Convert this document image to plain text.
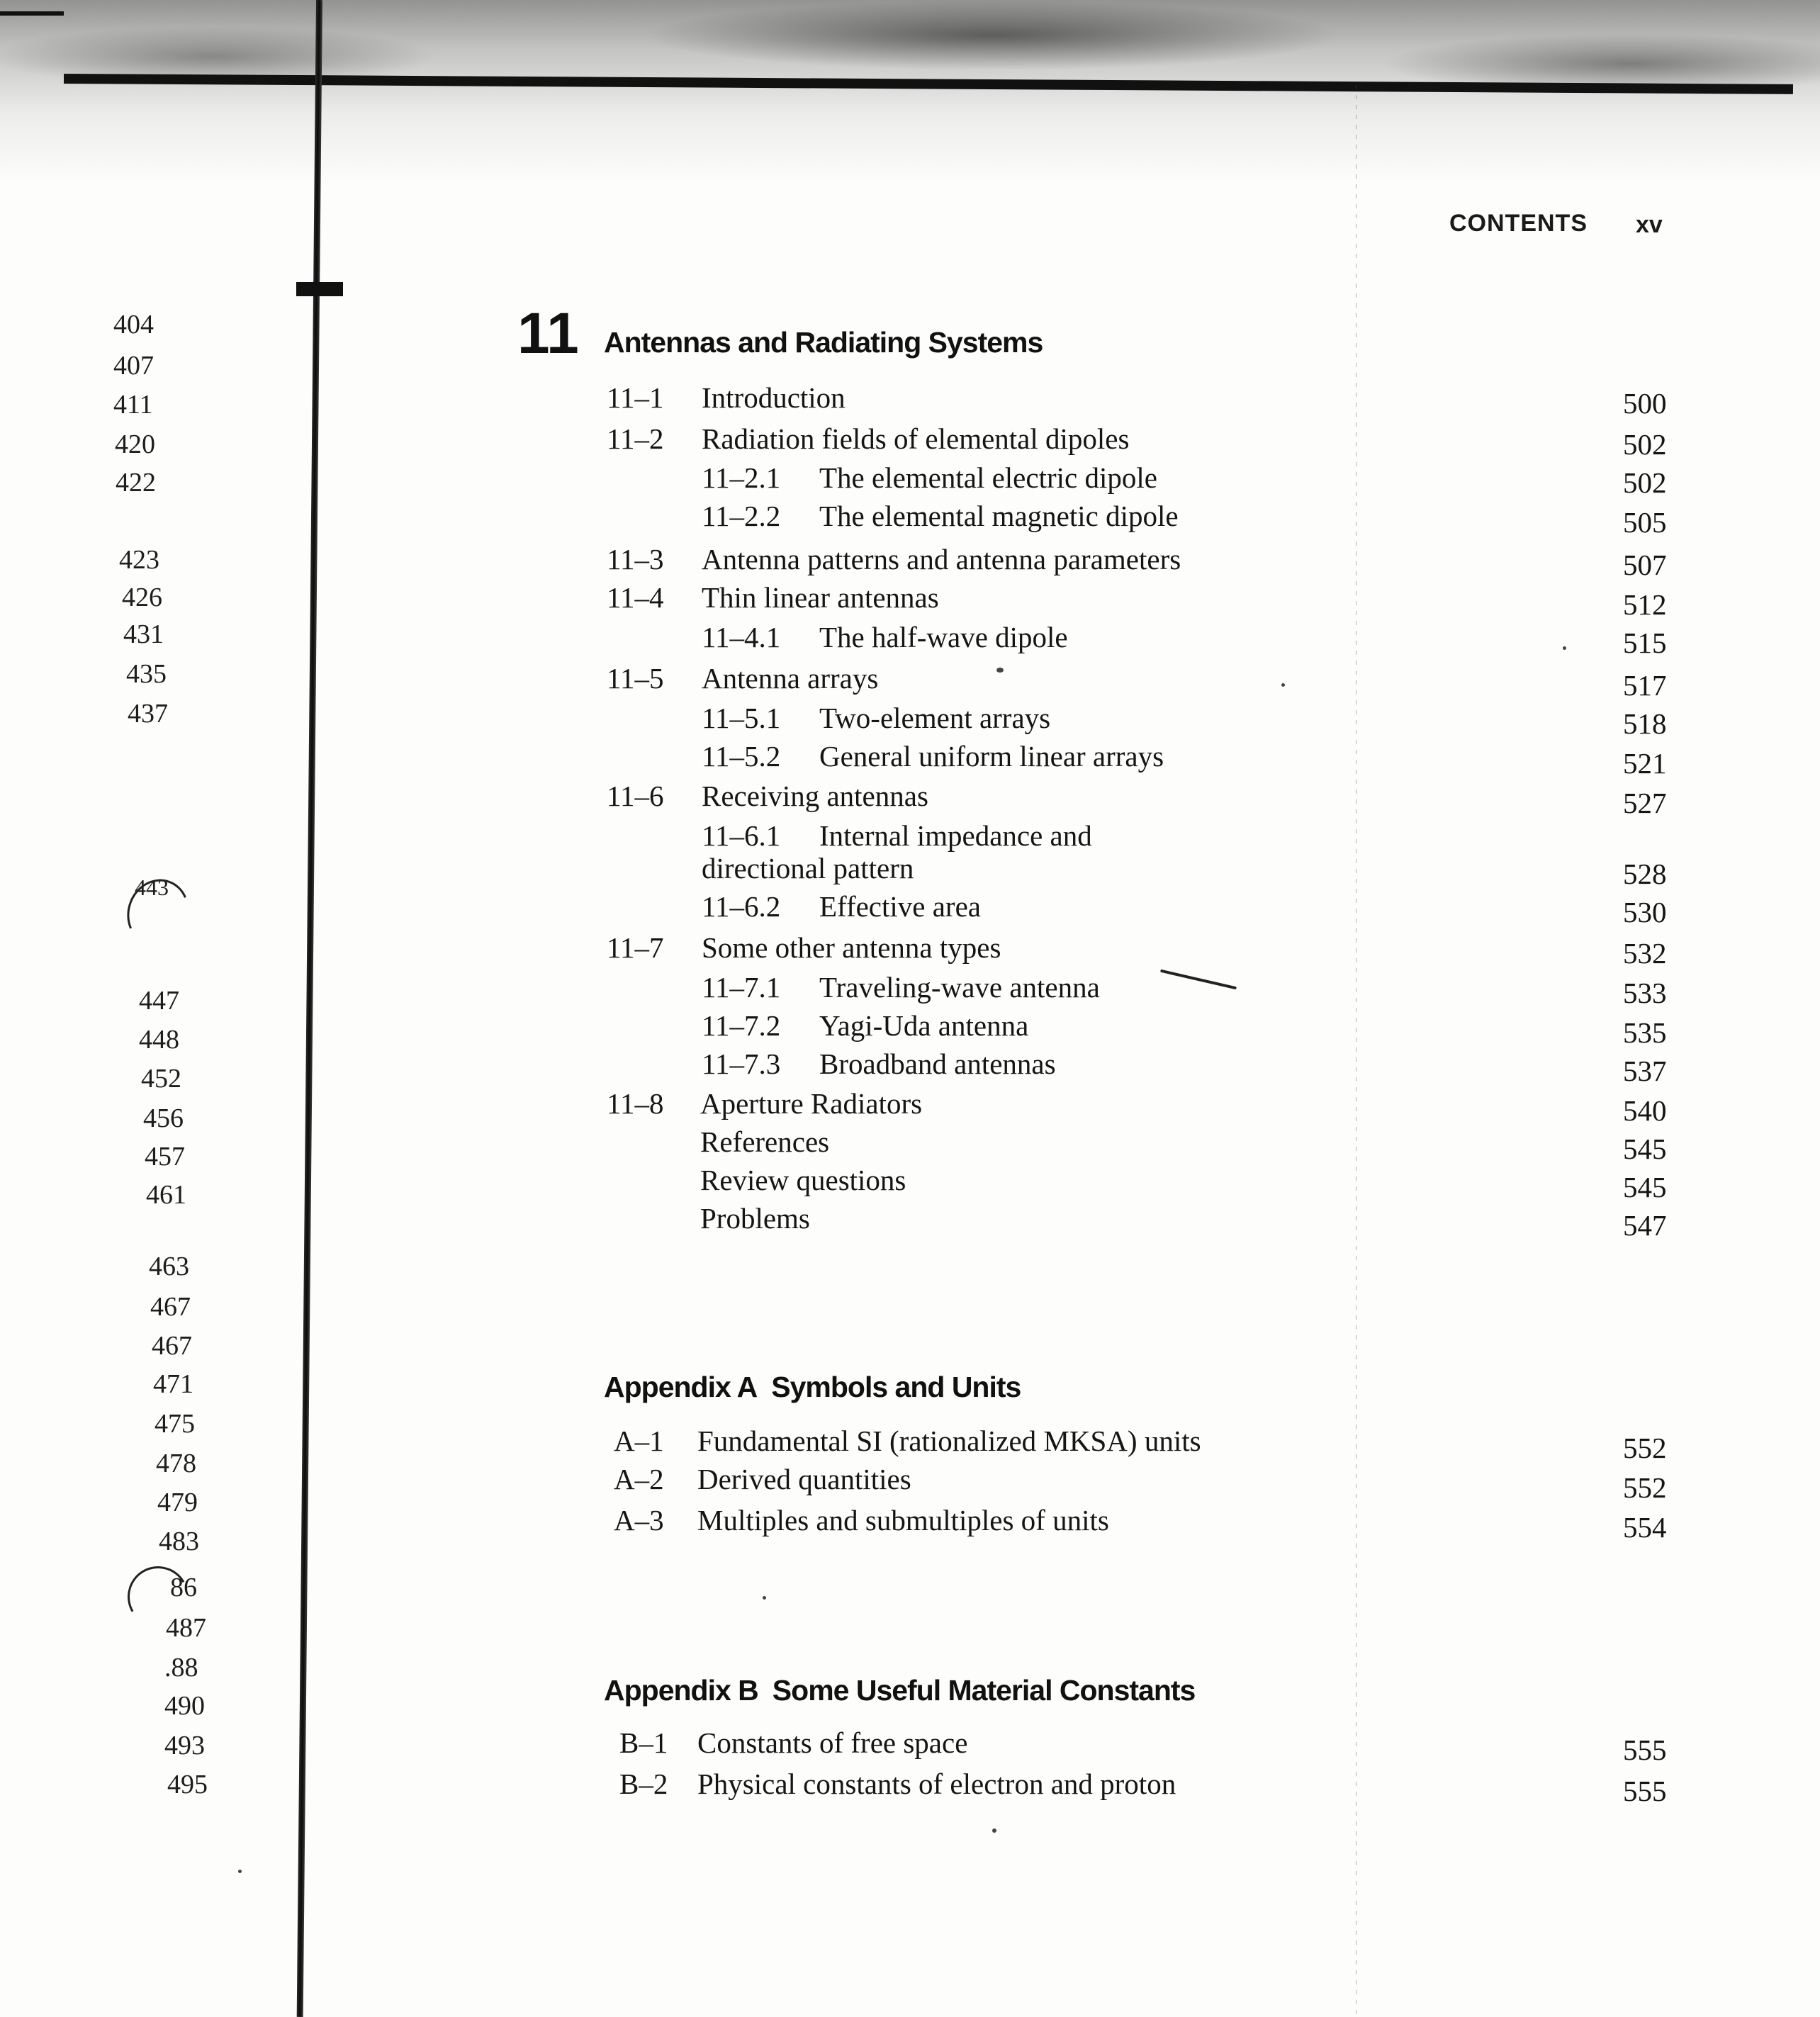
CONTENTS xv
404
407
411
420
422
423
426
431
435
437
443
447
448
452
456
457
461
463
467
467
471
475
478
479
483
86
487
.88
490
493
495
11 Antennas and Radiating Systems
11–1 Introduction	500
11–2 Radiation fields of elemental dipoles	502
11–2.1 The elemental electric dipole	502
11–2.2 The elemental magnetic dipole	505
11–3 Antenna patterns and antenna parameters	507
11–4 Thin linear antennas	512
11–4.1 The half-wave dipole	515
11–5 Antenna arrays	517
11–5.1 Two-element arrays	518
11–5.2 General uniform linear arrays	521
11–6 Receiving antennas	527
11–6.1	Internal impedance and directional pattern	528
11–6.2 Effective area	530
11–7 Some other antenna types	532
11–7.1 Traveling-wave antenna	533
11–7.2 Yagi-Uda antenna	535
11–7.3 Broadband antennas	537
11–8 Aperture Radiators	540
References	545
Review questions	545
Problems	547
Appendix A Symbols and Units
A–1 Fundamental SI (rationalized MKSA) units	552
A–2 Derived quantities	552
A–3 Multiples and submultiples of units	554
Appendix B Some Useful Material Constants
B–1 Constants of free space	555
B–2 Physical constants of electron and proton	555
